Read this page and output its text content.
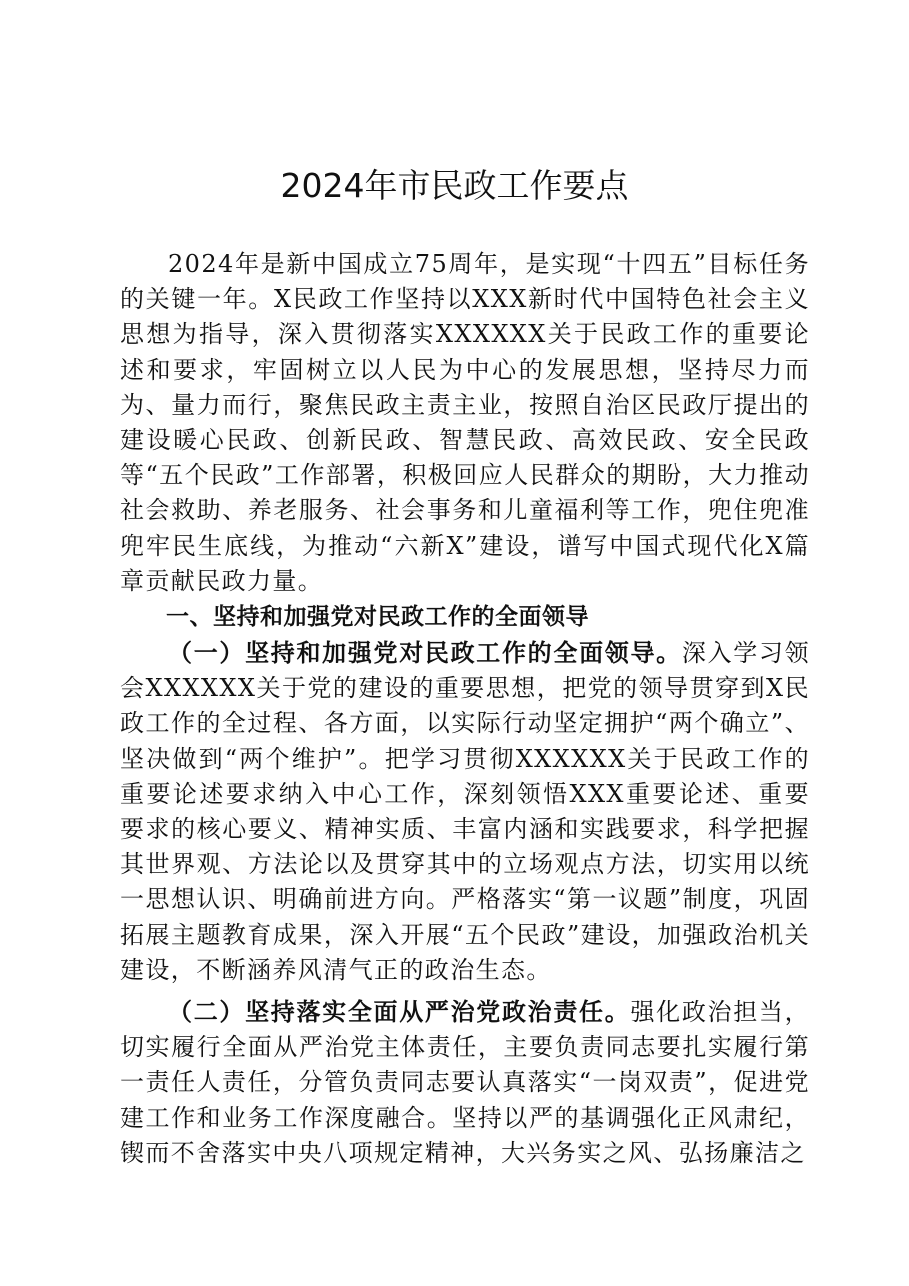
2024年市民政工作要点

2024年是新中国成立75周年，是实现“十四五”目标任务的关键一年。X民政工作坚持以XXX新时代中国特色社会主义思想为指导，深入贯彻落实XXXXXX关于民政工作的重要论述和要求，牢固树立以人民为中心的发展思想，坚持尽力而为、量力而行，聚焦民政主责主业，按照自治区民政厅提出的建设暖心民政、创新民政、智慧民政、高效民政、安全民政等“五个民政”工作部署，积极回应人民群众的期盼，大力推动社会救助、养老服务、社会事务和儿童福利等工作，兜住兜准兜牢民生底线，为推动“六新X”建设，谱写中国式现代化X篇章贡献民政力量。

一、坚持和加强党对民政工作的全面领导

（一）坚持和加强党对民政工作的全面领导。深入学习领会XXXXXX关于党的建设的重要思想，把党的领导贯穿到X民政工作的全过程、各方面，以实际行动坚定拥护“两个确立”、坚决做到“两个维护”。把学习贯彻XXXXXX关于民政工作的重要论述要求纳入中心工作，深刻领悟XXX重要论述、重要要求的核心要义、精神实质、丰富内涵和实践要求，科学把握其世界观、方法论以及贯穿其中的立场观点方法，切实用以统一思想认识、明确前进方向。严格落实“第一议题”制度，巩固拓展主题教育成果，深入开展“五个民政”建设，加强政治机关建设，不断涵养风清气正的政治生态。

（二）坚持落实全面从严治党政治责任。强化政治担当，切实履行全面从严治党主体责任，主要负责同志要扎实履行第一责任人责任，分管负责同志要认真落实“一岗双责”，促进党建工作和业务工作深度融合。坚持以严的基调强化正风肃纪，锲而不舍落实中央八项规定精神，大兴务实之风、弘扬廉洁之
